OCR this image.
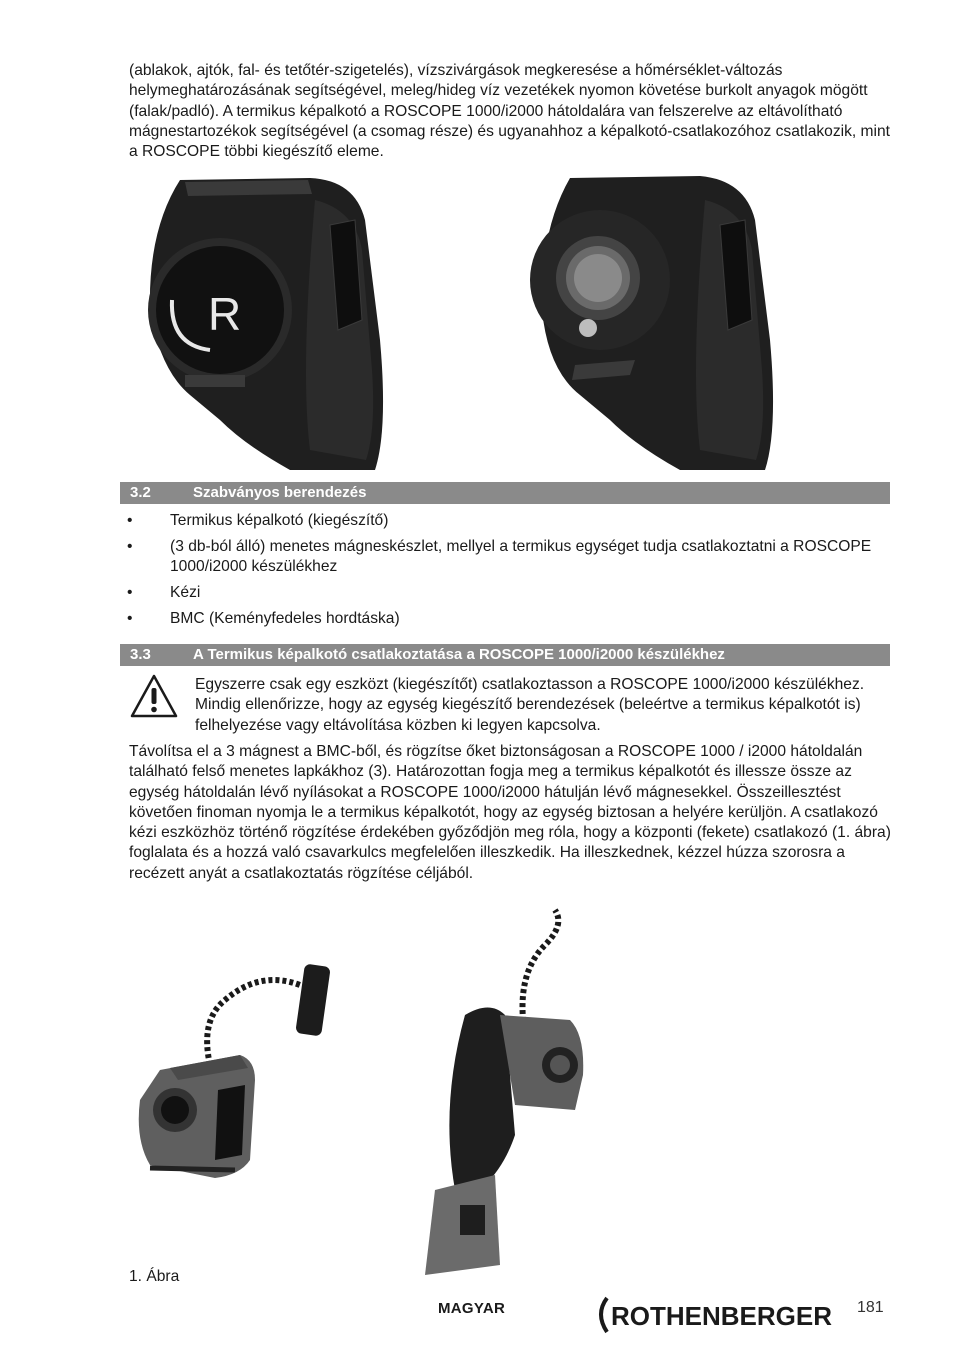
(ablakok, ajtók, fal- és tetőtér-szigetelés), vízszivárgások megkeresése a hőmérséklet-változás helymeghatározásának segítségével, meleg/hideg víz vezetékek nyomon követése burkolt anyagok mögött (falak/padló). A termikus képalkotó a ROSCOPE 1000/i2000 hátoldalára van felszerelve az eltávolítható mágnestartozékok segítségével (a csomag része) és ugyanahhoz a képalkotó-csatlakozóhoz csatlakozik, mint a ROSCOPE többi kiegészítő eleme.
R
3.2	Szabványos berendezés
• Termikus képalkotó (kiegészítő)
• (3 db-ból álló) menetes mágneskészlet, mellyel a termikus egységet tudja csatlakoztatni a ROSCOPE 1000/i2000 készülékhez
• Kézi
• BMC (Keményfedeles hordtáska)
3.3	A Termikus képalkotó csatlakoztatása a ROSCOPE 1000/i2000 készülékhez
Egyszerre csak egy eszközt (kiegészítőt) csatlakoztasson a ROSCOPE 1000/i2000 készülékhez. Mindig ellenőrizze, hogy az egység kiegészítő berendezések (beleértve a termikus képalkotót is) felhelyezése vagy eltávolítása közben ki legyen kapcsolva.
Távolítsa el a 3 mágnest a BMC-ből, és rögzítse őket biztonságosan a ROSCOPE 1000 / i2000 hátoldalán található felső menetes lapkákhoz (3). Határozottan fogja meg a termikus képalkotót és illessze össze az egység hátoldalán lévő nyílásokat a ROSCOPE 1000/i2000 hátulján lévő mágnesekkel. Összeillesztést követően finoman nyomja le a termikus képalkotót, hogy az egység biztosan a helyére kerüljön. A csatlakozó kézi eszközhöz történő rögzítése érdekében győződjön meg róla, hogy a központi (fekete) csatlakozó (1. ábra) foglalata és a hozzá való csavarkulcs megfelelően illeszkedik. Ha illeszkednek, kézzel húzza szorosra a recézett anyát a csatlakoztatás rögzítése céljából.
1. Ábra
MAGYAR	ROTHENBERGER 181
